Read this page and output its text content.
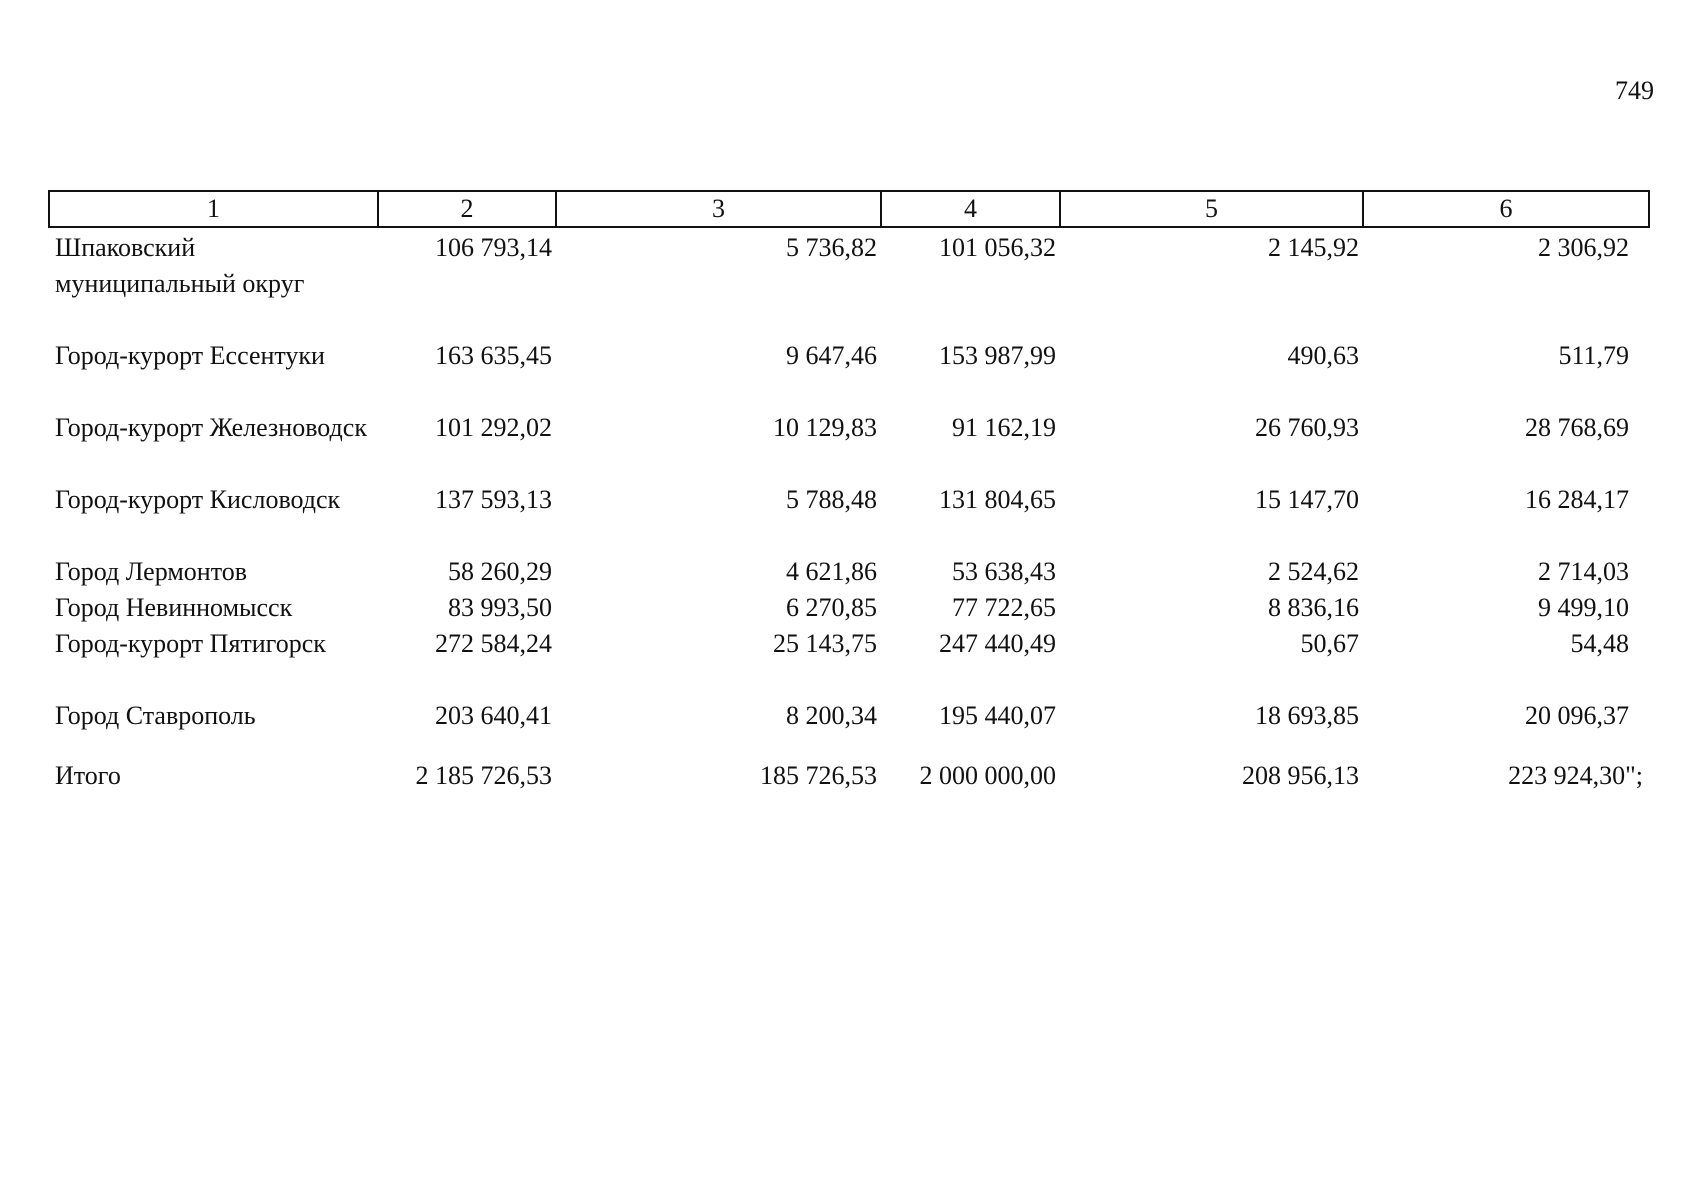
749
1	2	3	4	5	6
Шпаковский муниципальный округ	106 793,14	5 736,82	101 056,32	2 145,92	2 306,92
Город-курорт Ессентуки	163 635,45	9 647,46	153 987,99	490,63	511,79
Город-курорт Железноводск	101 292,02	10 129,83	91 162,19	26 760,93	28 768,69
Город-курорт Кисловодск	137 593,13	5 788,48	131 804,65	15 147,70	16 284,17
Город Лермонтов	58 260,29	4 621,86	53 638,43	2 524,62	2 714,03
Город Невинномысск	83 993,50	6 270,85	77 722,65	8 836,16	9 499,10
Город-курорт Пятигорск	272 584,24	25 143,75	247 440,49	50,67	54,48
Город Ставрополь	203 640,41	8 200,34	195 440,07	18 693,85	20 096,37
Итого	2 185 726,53	185 726,53	2 000 000,00	208 956,13	223 924,30";
